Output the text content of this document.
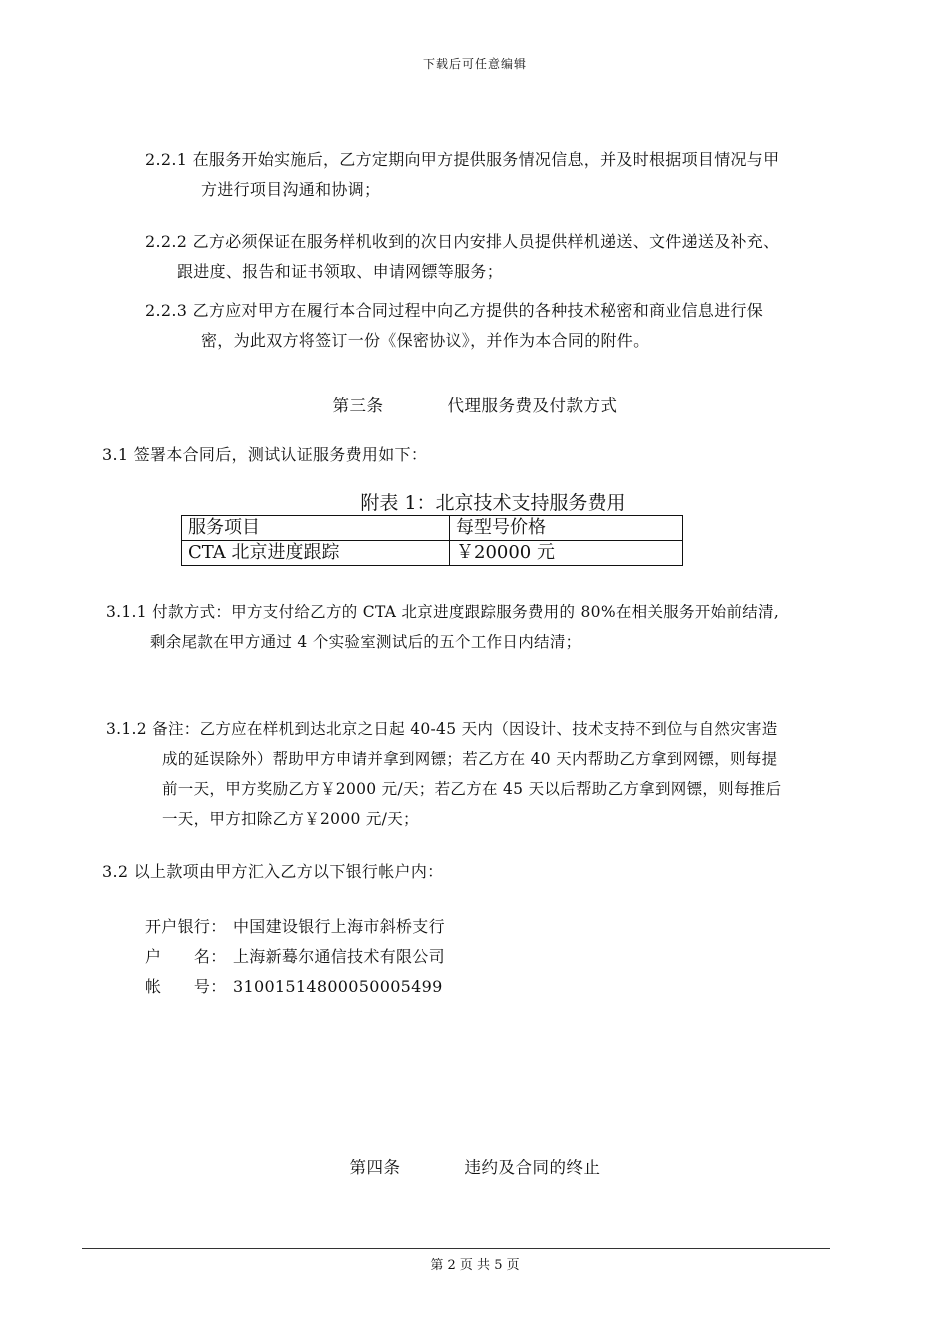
下载后可任意编辑
2.2.1 在服务开始实施后，乙方定期向甲方提供服务情况信息，并及时根据项目情况与甲
方进行项目沟通和协调；
2.2.2 乙方必须保证在服务样机收到的次日内安排人员提供样机递送、文件递送及补充、
跟进度、报告和证书领取、申请网镖等服务；
2.2.3 乙方应对甲方在履行本合同过程中向乙方提供的各种技术秘密和商业信息进行保
密，为此双方将签订一份《保密协议》，并作为本合同的附件。
第三条	代理服务费及付款方式
3.1 签署本合同后，测试认证服务费用如下：
附表 1：北京技术支持服务费用
服务项目	每型号价格
CTA 北京进度跟踪	￥20000 元
3.1.1 付款方式：甲方支付给乙方的 CTA 北京进度跟踪服务费用的 80%在相关服务开始前结清,
剩余尾款在甲方通过 4 个实验室测试后的五个工作日内结清；
3.1.2 备注：乙方应在样机到达北京之日起 40-45 天内（因设计、技术支持不到位与自然灾害造
成的延误除外）帮助甲方申请并拿到网镖；若乙方在 40 天内帮助乙方拿到网镖，则每提
前一天，甲方奖励乙方￥2000 元/天；若乙方在 45 天以后帮助乙方拿到网镖，则每推后
一天，甲方扣除乙方￥2000 元/天；
3.2 以上款项由甲方汇入乙方以下银行帐户内：
开户银行： 中国建设银行上海市斜桥支行
户　　名： 上海新蓦尔通信技术有限公司
帐　　号： 31001514800050005499
第四条	违约及合同的终止
第 2 页 共 5 页
